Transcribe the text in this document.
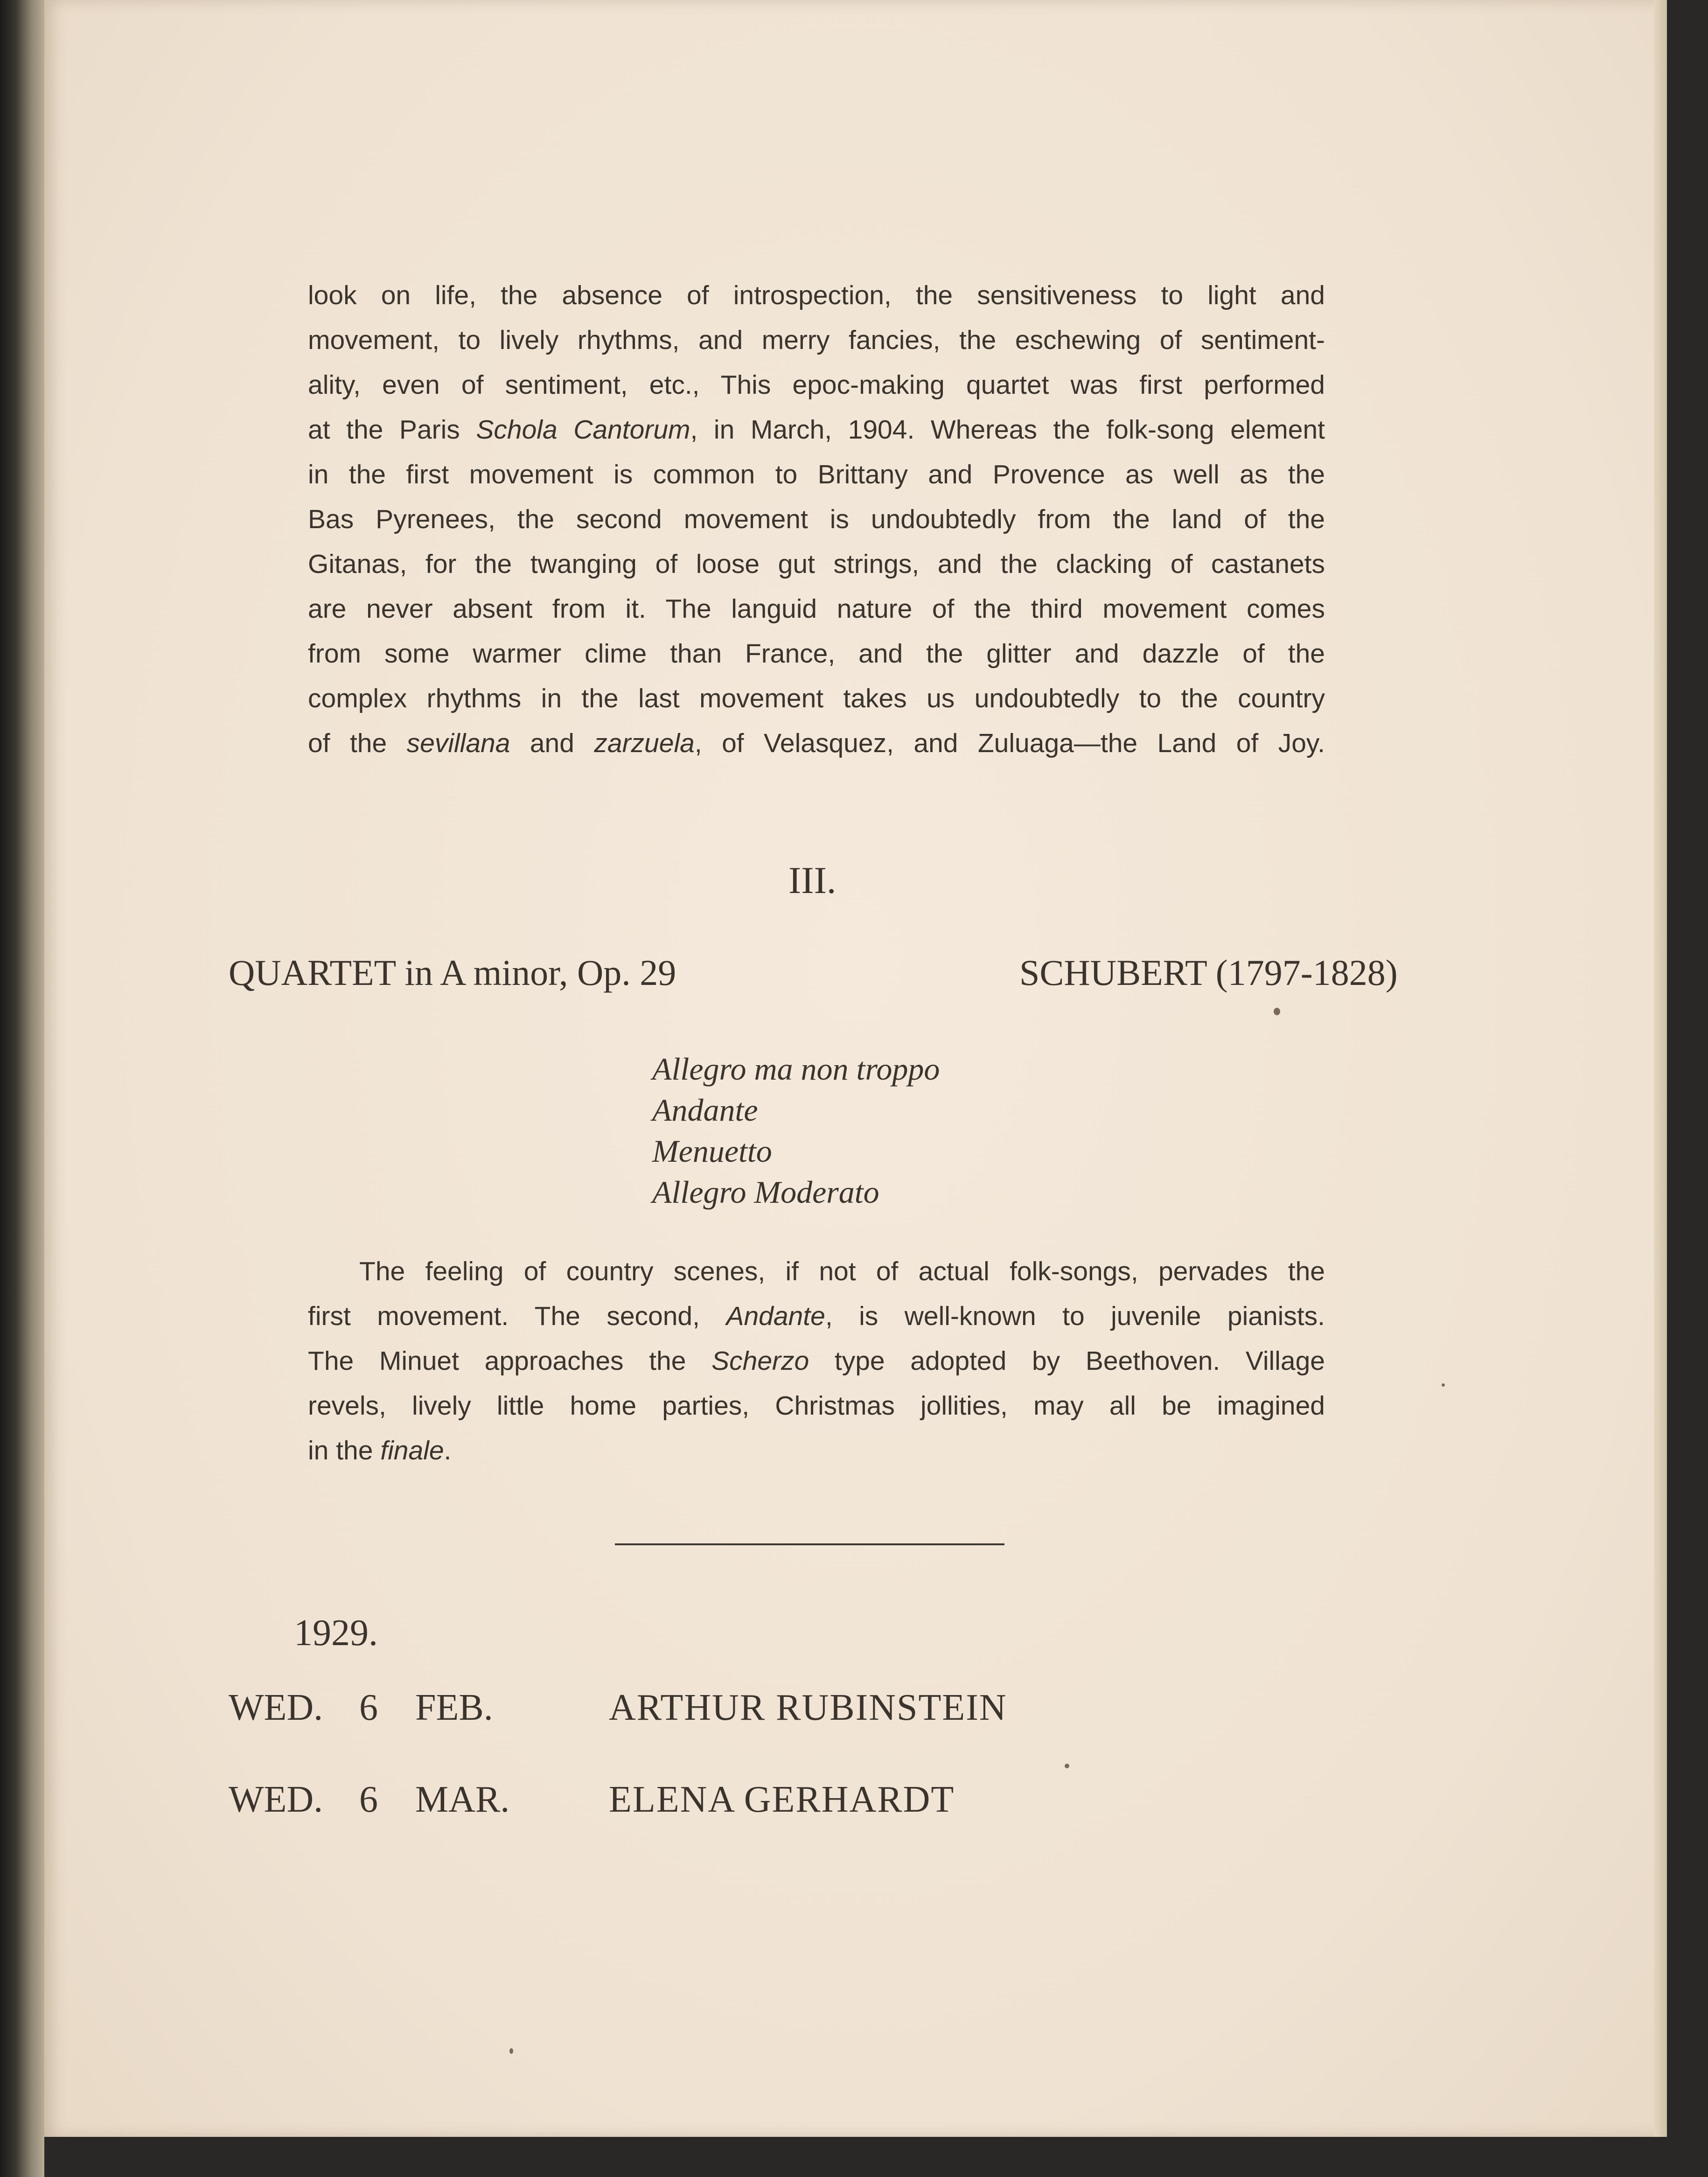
look on life, the absence of introspection, the sensitiveness to light and
movement, to lively rhythms, and merry fancies, the eschewing of sentiment-
ality, even of sentiment, etc., This epoc-making quartet was first performed
at the Paris Schola Cantorum, in March, 1904. Whereas the folk-song element
in the first movement is common to Brittany and Provence as well as the
Bas Pyrenees, the second movement is undoubtedly from the land of the
Gitanas, for the twanging of loose gut strings, and the clacking of castanets
are never absent from it. The languid nature of the third movement comes
from some warmer clime than France, and the glitter and dazzle of the
complex rhythms in the last movement takes us undoubtedly to the country
of the sevillana and zarzuela, of Velasquez, and Zuluaga—the Land of Joy.
III.
QUARTET in A minor, Op. 29	SCHUBERT (1797-1828)
Allegro ma non troppo
Andante
Menuetto
Allegro Moderato
The feeling of country scenes, if not of actual folk-songs, pervades the
first movement. The second, Andante, is well-known to juvenile pianists.
The Minuet approaches the Scherzo type adopted by Beethoven. Village
revels, lively little home parties, Christmas jollities, may all be imagined
in the finale.
1929.
WED. 6 FEB.	ARTHUR RUBINSTEIN
WED. 6 MAR.	ELENA GERHARDT
